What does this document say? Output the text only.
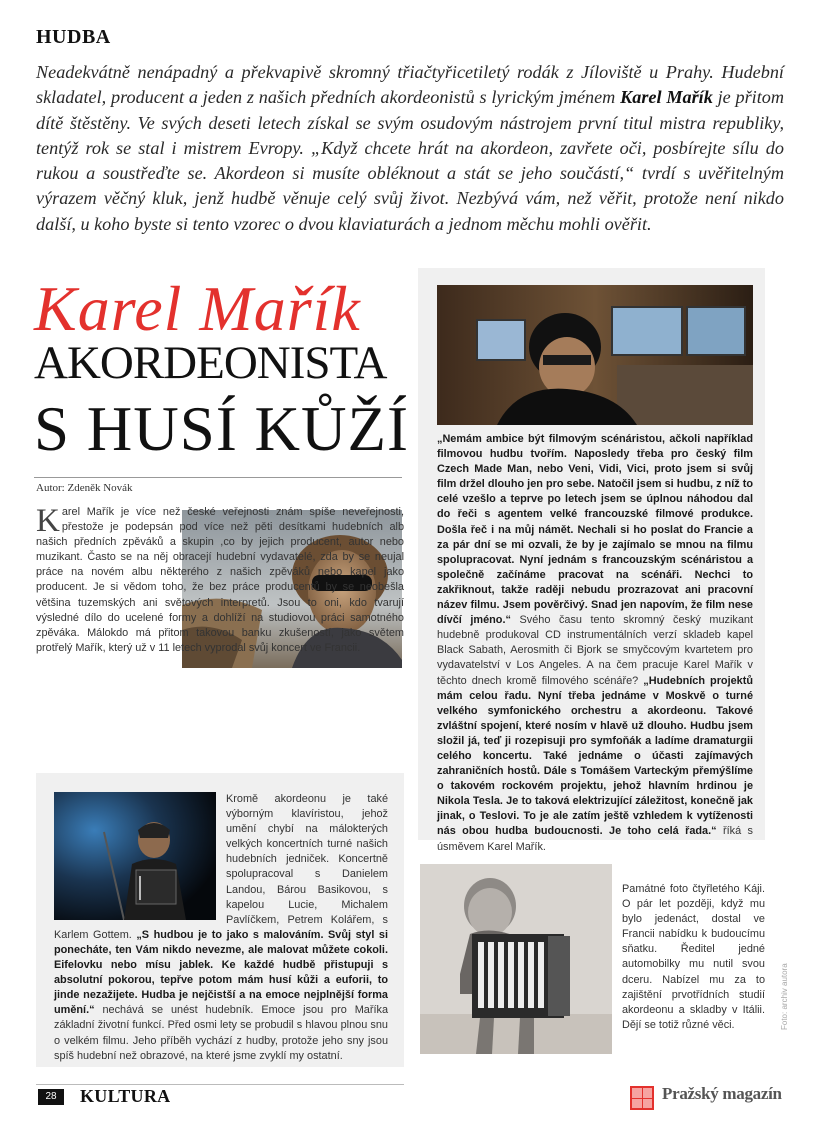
HUDBA

Neadekvátně nenápadný a překvapivě skromný třiačtyřicetiletý rodák z Jíloviště u Prahy. Hudební skladatel, producent a jeden z našich předních akordeonistů s lyrickým jménem Karel Mařík je přitom dítě štěstěny. Ve svých deseti letech získal se svým osudovým nástrojem první titul mistra republiky, tentýž rok se stal i mistrem Evropy. „Když chcete hrát na akordeon, zavřete oči, posbírejte sílu do rukou a soustřeďte se. Akordeon si musíte obléknout a stát se jeho součástí,“ tvrdí s uvěřitelným výrazem věčný kluk, jenž hudbě věnuje celý svůj život. Nezbývá vám, než věřit, protože není nikdo další, u koho byste si tento vzorec o dvou klaviaturách a jednom měchu mohli ověřit.

Karel Mařík
AKORDEONISTA
S HUSÍ KŮŽÍ
Autor: Zdeněk Novák
K arel Mařík je více než české veřejnosti znám spíše neveřejnosti, přestože je podepsán pod více než pěti desítkami hudebních alb našich předních zpěváků a skupin ,co by jejich producent, autor nebo muzikant. Často se na něj obracejí hudební vydavatelé, zda by se neujal práce na novém albu některého z našich zpěváků nebo kapel jako producent. Je si vědom toho, že bez práce producentů by se neobešla většina tuzemských ani světových interpretů. Jsou to oni, kdo tvarují výsledné dílo do ucelené formy a dohlíží na studiovou práci samotného zpěváka. Málokdo má přitom takovou banku zkušeností, jako světem protřelý Mařík, který už v 11 letech vyprodal svůj koncert ve Francii.
Kromě akordeonu je také výborným klavíristou, jehož umění chybí na málokterých velkých koncertních turné našich hudebních jedniček. Koncertně spolupracoval s Danielem Landou, Bárou Basikovou, s kapelou Lucie, Michalem Pavlíčkem, Petrem Kolářem, s Karlem Gottem. „S hudbou je to jako s malováním. Svůj styl si ponecháte, ten Vám nikdo nevezme, ale malovat můžete cokoli. Eifelovku nebo mísu jablek. Ke každé hudbě přistupuji s absolutní pokorou, tepřve potom mám husí kůži a euforii, to jinde nezažijete. Hudba je nejčistší a na emoce nejplnější forma umění.“ nechává se unést hudebník. Emoce jsou pro Maříka základní životní funkcí. Před osmi lety se probudil s hlavou plnou snu o velkém filmu. Jeho příběh vychází z hudby, protože jeho sny jsou spíš hudební než obrazové, na které jsme zvyklí my ostatní.
„Nemám ambice být filmovým scénáristou, ačkoli například filmovou hudbu tvořím. Naposledy třeba pro český film Czech Made Man, nebo Veni, Vidi, Vici, proto jsem si svůj film držel dlouho jen pro sebe. Natočil jsem si hudbu, z níž to celé vzešlo a teprve po letech jsem se úplnou náhodou dal do řeči s agentem velké francouzské filmové produkce. Došla řeč i na můj námět. Nechali si ho poslat do Francie a za pár dní se mi ozvali, že by je zajímalo se mnou na filmu spolupracovat. Nyní jednám s francouzským scénáristou a společně začínáme pracovat na scénáři. Nechci to zakřiknout, takže raději nebudu prozrazovat ani pracovní název filmu. Jsem pověrčivý. Snad jen napovím, že film nese dívčí jméno.“ Svého času tento skromný český muzikant hudebně produkoval CD instrumentálních verzí skladeb kapel Black Sabath, Aerosmith či Bjork se smyčcovým kvartetem pro vydavatelství v Los Angeles. A na čem pracuje Karel Mařík v těchto dnech kromě filmového scénáře? „Hudebních projektů mám celou řadu. Nyní třeba jednáme v Moskvě o turné velkého symfonického orchestru a akordeonu. Takové zvláštní spojení, které nosím v hlavě už dlouho. Hudbu jsem složil já, teď ji rozepisuji pro symfoňák a ladíme dramaturgii celého koncertu. Také jednáme o účasti zajímavých zahraničních hostů. Dále s Tomášem Varteckým přemýšlíme o takovém rockovém projektu, jehož hlavním hrdinou je Nikola Tesla. Je to taková elektrizující záležitost, konečně jak jinak, o Teslovi. To je ale zatím ještě vzhledem k vytíženosti nás obou hudba budoucnosti. Je toho celá řada.“ říká s úsměvem Karel Mařík.
Památné foto čtyřletého Káji. O pár let později, když mu bylo jedenáct, dostal ve Francii nabídku k budoucímu sňatku. Ředitel jedné automobilky mu nutil svou dceru. Nabízel mu za to zajištění prvotřídních studií akordeonu a skladby v Itálii. Dějí se totiž různé věci.	Foto: archiv autora
28	KULTURA	Pražský magazín
